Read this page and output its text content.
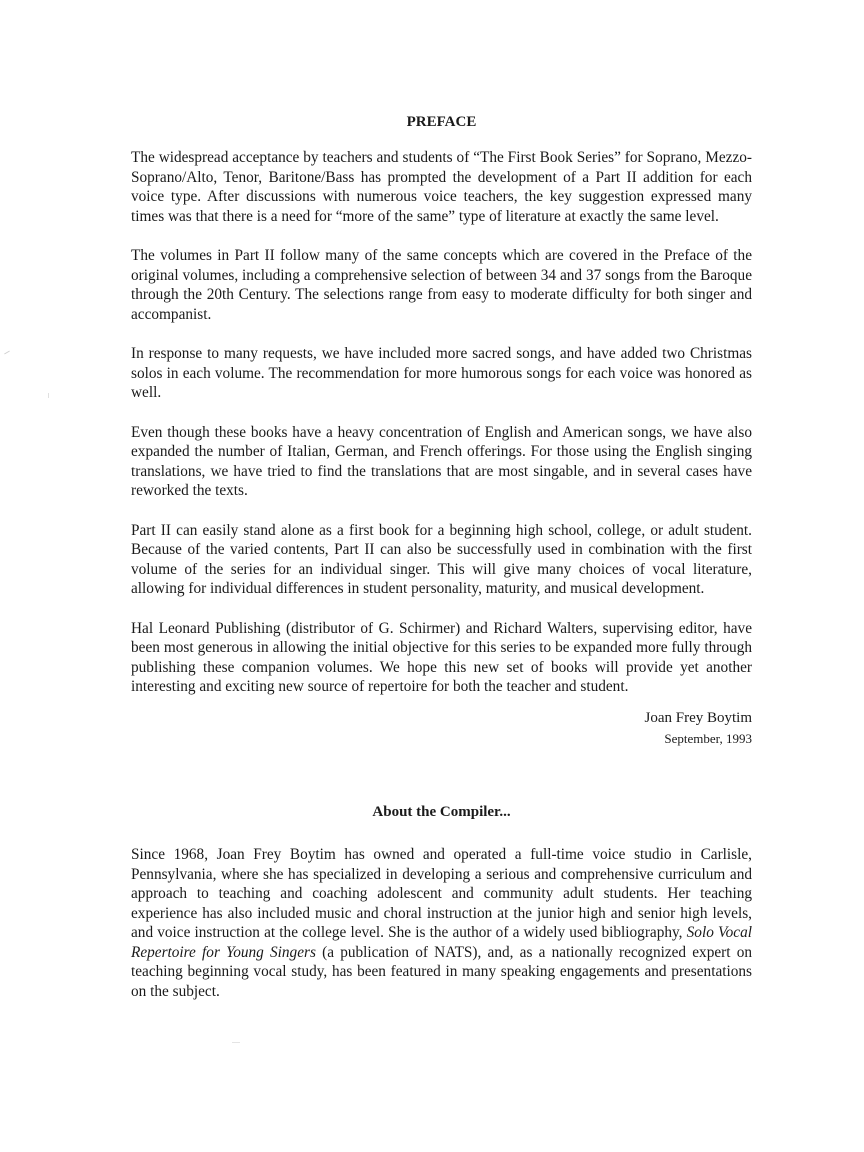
PREFACE

The widespread acceptance by teachers and students of “The First Book Series” for Soprano, Mezzo-Soprano/Alto, Tenor, Baritone/Bass has prompted the development of a Part II addition for each voice type. After discussions with numerous voice teachers, the key suggestion expressed many times was that there is a need for “more of the same” type of literature at exactly the same level.

The volumes in Part II follow many of the same concepts which are covered in the Preface of the original volumes, including a comprehensive selection of between 34 and 37 songs from the Baroque through the 20th Century. The selections range from easy to moderate difficulty for both singer and accompanist.

In response to many requests, we have included more sacred songs, and have added two Christmas solos in each volume. The recommendation for more humorous songs for each voice was honored as well.

Even though these books have a heavy concentration of English and American songs, we have also expanded the number of Italian, German, and French offerings. For those using the English singing translations, we have tried to find the translations that are most singable, and in several cases have reworked the texts.

Part II can easily stand alone as a first book for a beginning high school, college, or adult student. Because of the varied contents, Part II can also be successfully used in combination with the first volume of the series for an individual singer. This will give many choices of vocal literature, allowing for individual differences in student personality, maturity, and musical development.

Hal Leonard Publishing (distributor of G. Schirmer) and Richard Walters, supervising editor, have been most generous in allowing the initial objective for this series to be expanded more fully through publishing these companion volumes. We hope this new set of books will provide yet another interesting and exciting new source of repertoire for both the teacher and student.

Joan Frey Boytim
September, 1993
About the Compiler...

Since 1968, Joan Frey Boytim has owned and operated a full-time voice studio in Carlisle, Pennsylvania, where she has specialized in developing a serious and comprehensive curriculum and approach to teaching and coaching adolescent and community adult students. Her teaching experience has also included music and choral instruction at the junior high and senior high levels, and voice instruction at the college level. She is the author of a widely used bibliography, Solo Vocal Repertoire for Young Singers (a publication of NATS), and, as a nationally recognized expert on teaching beginning vocal study, has been featured in many speaking engagements and presentations on the subject.
